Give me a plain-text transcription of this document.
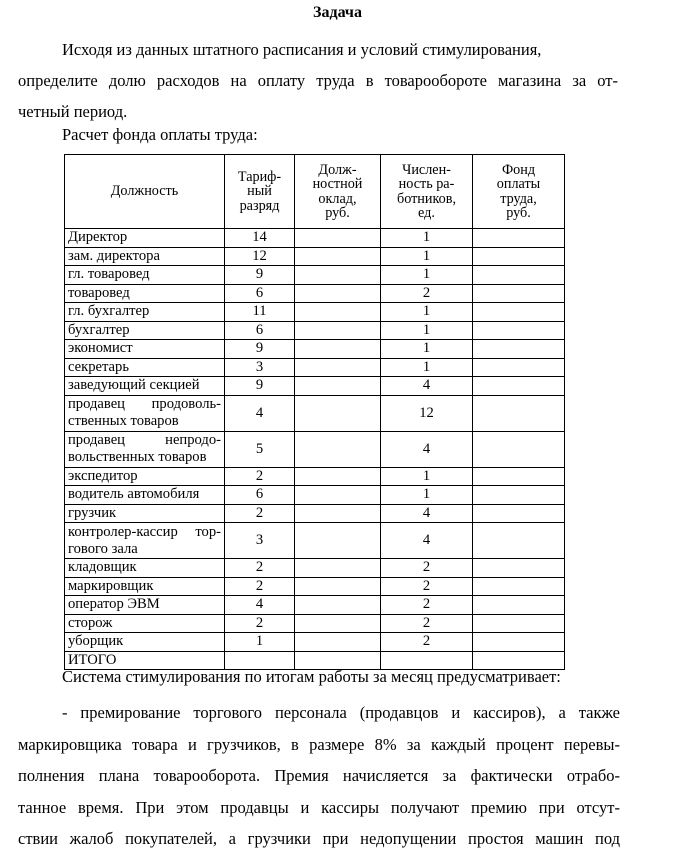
Задача
Исходя из данных штатного расписания и условий стимулирования,
определите долю расходов на оплату труда в товарообороте магазина за от-
четный период.
Расчет фонда оплаты труда:
Должность	Тариф-
ный
разряд	Долж-
ностной
оклад,
руб.	Числен-
ность ра-
ботников,
ед.	Фонд
оплаты
труда,
руб.

Директор	14		1	

зам. директора	12		1	

гл. товаровед	9		1	

товаровед	6		2	

гл. бухгалтер	11		1	

бухгалтер	6		1	

экономист	9		1	

секретарь	3		1	

заведующий секцией	9		4	

продавец продоволь-
ственных товаров	4		12	

продавец непродо-
вольственных товаров	5		4	

экспедитор	2		1	

водитель автомобиля	6		1	

грузчик	2		4	

контролер-кассир тор-
гового зала	3		4	

кладовщик	2		2	

маркировщик	2		2	

оператор ЭВМ	4		2	

сторож	2		2	

уборщик	1		2	

ИТОГО				

Система стимулирования по итогам работы за месяц предусматривает:
- премирование торгового персонала (продавцов и кассиров), а также
маркировщика товара и грузчиков, в размере 8% за каждый процент перевы-
полнения плана товарооборота. Премия начисляется за фактически отрабо-
танное время. При этом продавцы и кассиры получают премию при отсут-
ствии жалоб покупателей, а грузчики при недопущении простоя машин под
